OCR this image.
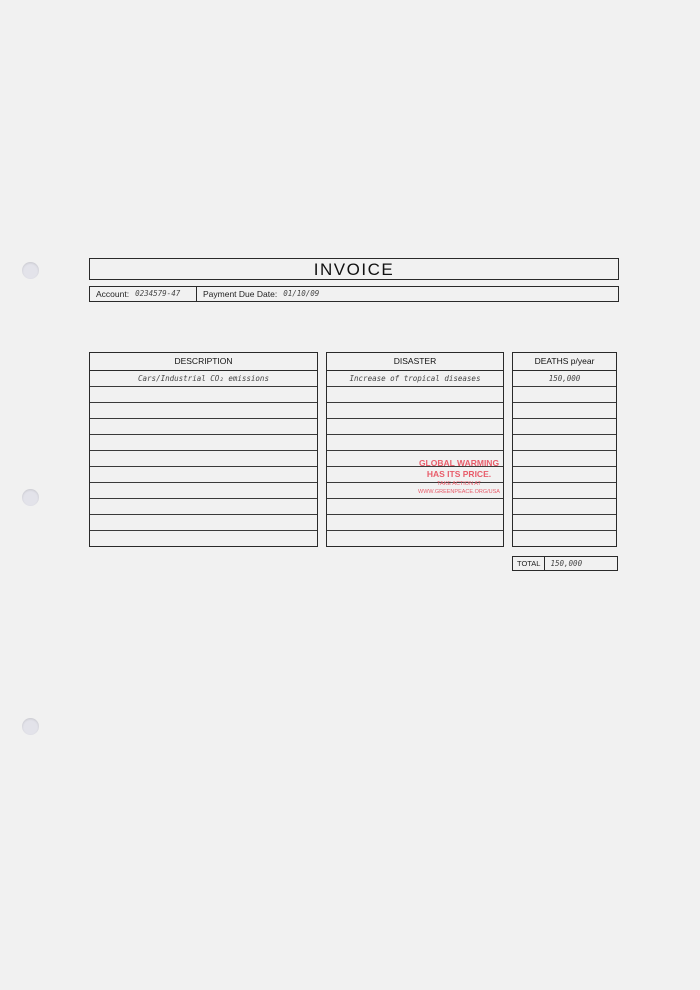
INVOICE
Account: 0234579-47	Payment Due Date: 01/10/09
DESCRIPTION
Cars/Industrial CO₂ emissions
DISASTER
Increase of tropical diseases
DEATHS p/year
150,000
GLOBAL WARMING
HAS ITS PRICE.
TAKE ACTION AT
WWW.GREENPEACE.ORG/USA
TOTAL	150,000
